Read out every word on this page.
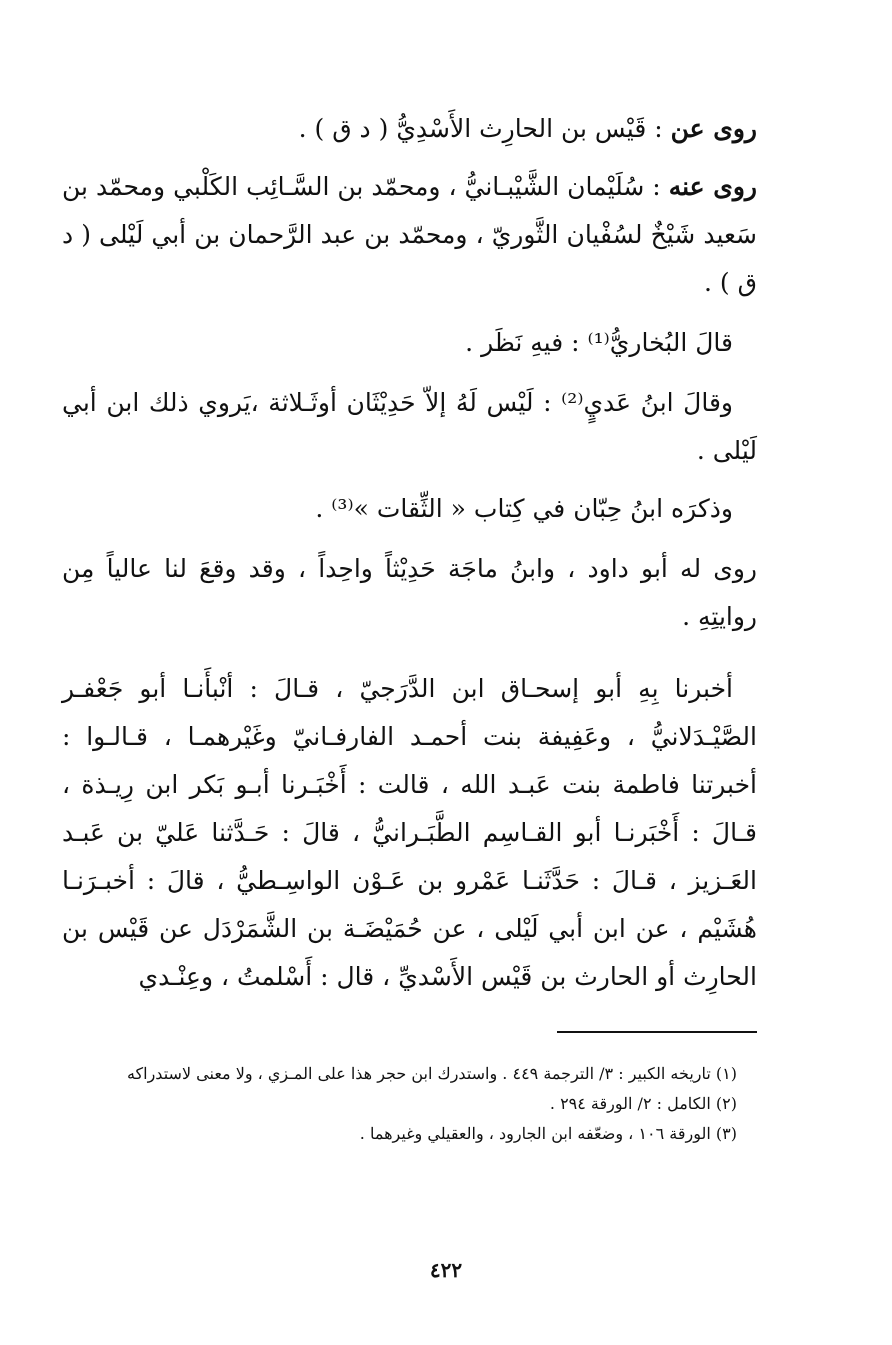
روى عن : قَيْس بن الحارِث الأَسْدِيُّ ( د ق ) .
روى عنه : سُلَيْمان الشَّيْبـانيُّ ، ومحمّد بن السَّـائِب الكَلْبي ومحمّد بن سَعيد شَيْخٌ لسُفْيان الثَّوريّ ، ومحمّد بن عبد الرَّحمان بن أبي لَيْلى ( د ق ) .
قالَ البُخاريُّ⁽¹⁾ : فيهِ نَظَر .
وقالَ ابنُ عَديٍ⁽²⁾ : لَيْس لَهُ إلاّ حَدِيْثَان أوثَـلاثة ،يَروي ذلك ابن أبي لَيْلى .
وذكرَه ابنُ حِبّان في كِتاب « الثِّقات »⁽³⁾ .
روى له أبو داود ، وابنُ ماجَة حَدِيْثاً واحِداً ، وقد وقعَ لنا عالياً مِن روايتِهِ .
أخبرنا بِهِ أبو إسحـاق ابن الدَّرَجيّ ، قـالَ : أنْبأَنـا أبو جَعْفـر الصَّيْـدَلانيُّ ، وعَفِيفة بنت أحمـد الفارفـانيّ وغَيْرهمـا ، قـالـوا : أخبرتنا فاطمة بنت عَبـد الله ، قالت : أَخْبَـرنا أبـو بَكر ابن رِيـذة ، قـالَ : أَخْبَرنـا أبو القـاسِم الطَّبَـرانيُّ ، قالَ : حَـدَّثنا عَليّ بن عَبـد العَـزيز ، قـالَ : حَدَّثَنـا عَمْرو بن عَـوْن الواسِـطيُّ ، قالَ : أخبـرَنـا هُشَيْم ، عن ابن أبي لَيْلى ، عن حُمَيْضَـة بن الشَّمَرْدَل عن قَيْس بن الحارِث أو الحارث بن قَيْس الأَسْديِّ ، قال : أَسْلمتُ ، وعِنْـدي
(١) تاريخه الكبير : ٣/ الترجمة ٤٤٩ . واستدرك ابن حجر هذا على المـزي ، ولا معنى لاستدراكه
(٢) الكامل : ٢/ الورقة ٢٩٤ .
(٣) الورقة ١٠٦ ، وضعّفه ابن الجارود ، والعقيلي وغيرهما .
٤٢٢
